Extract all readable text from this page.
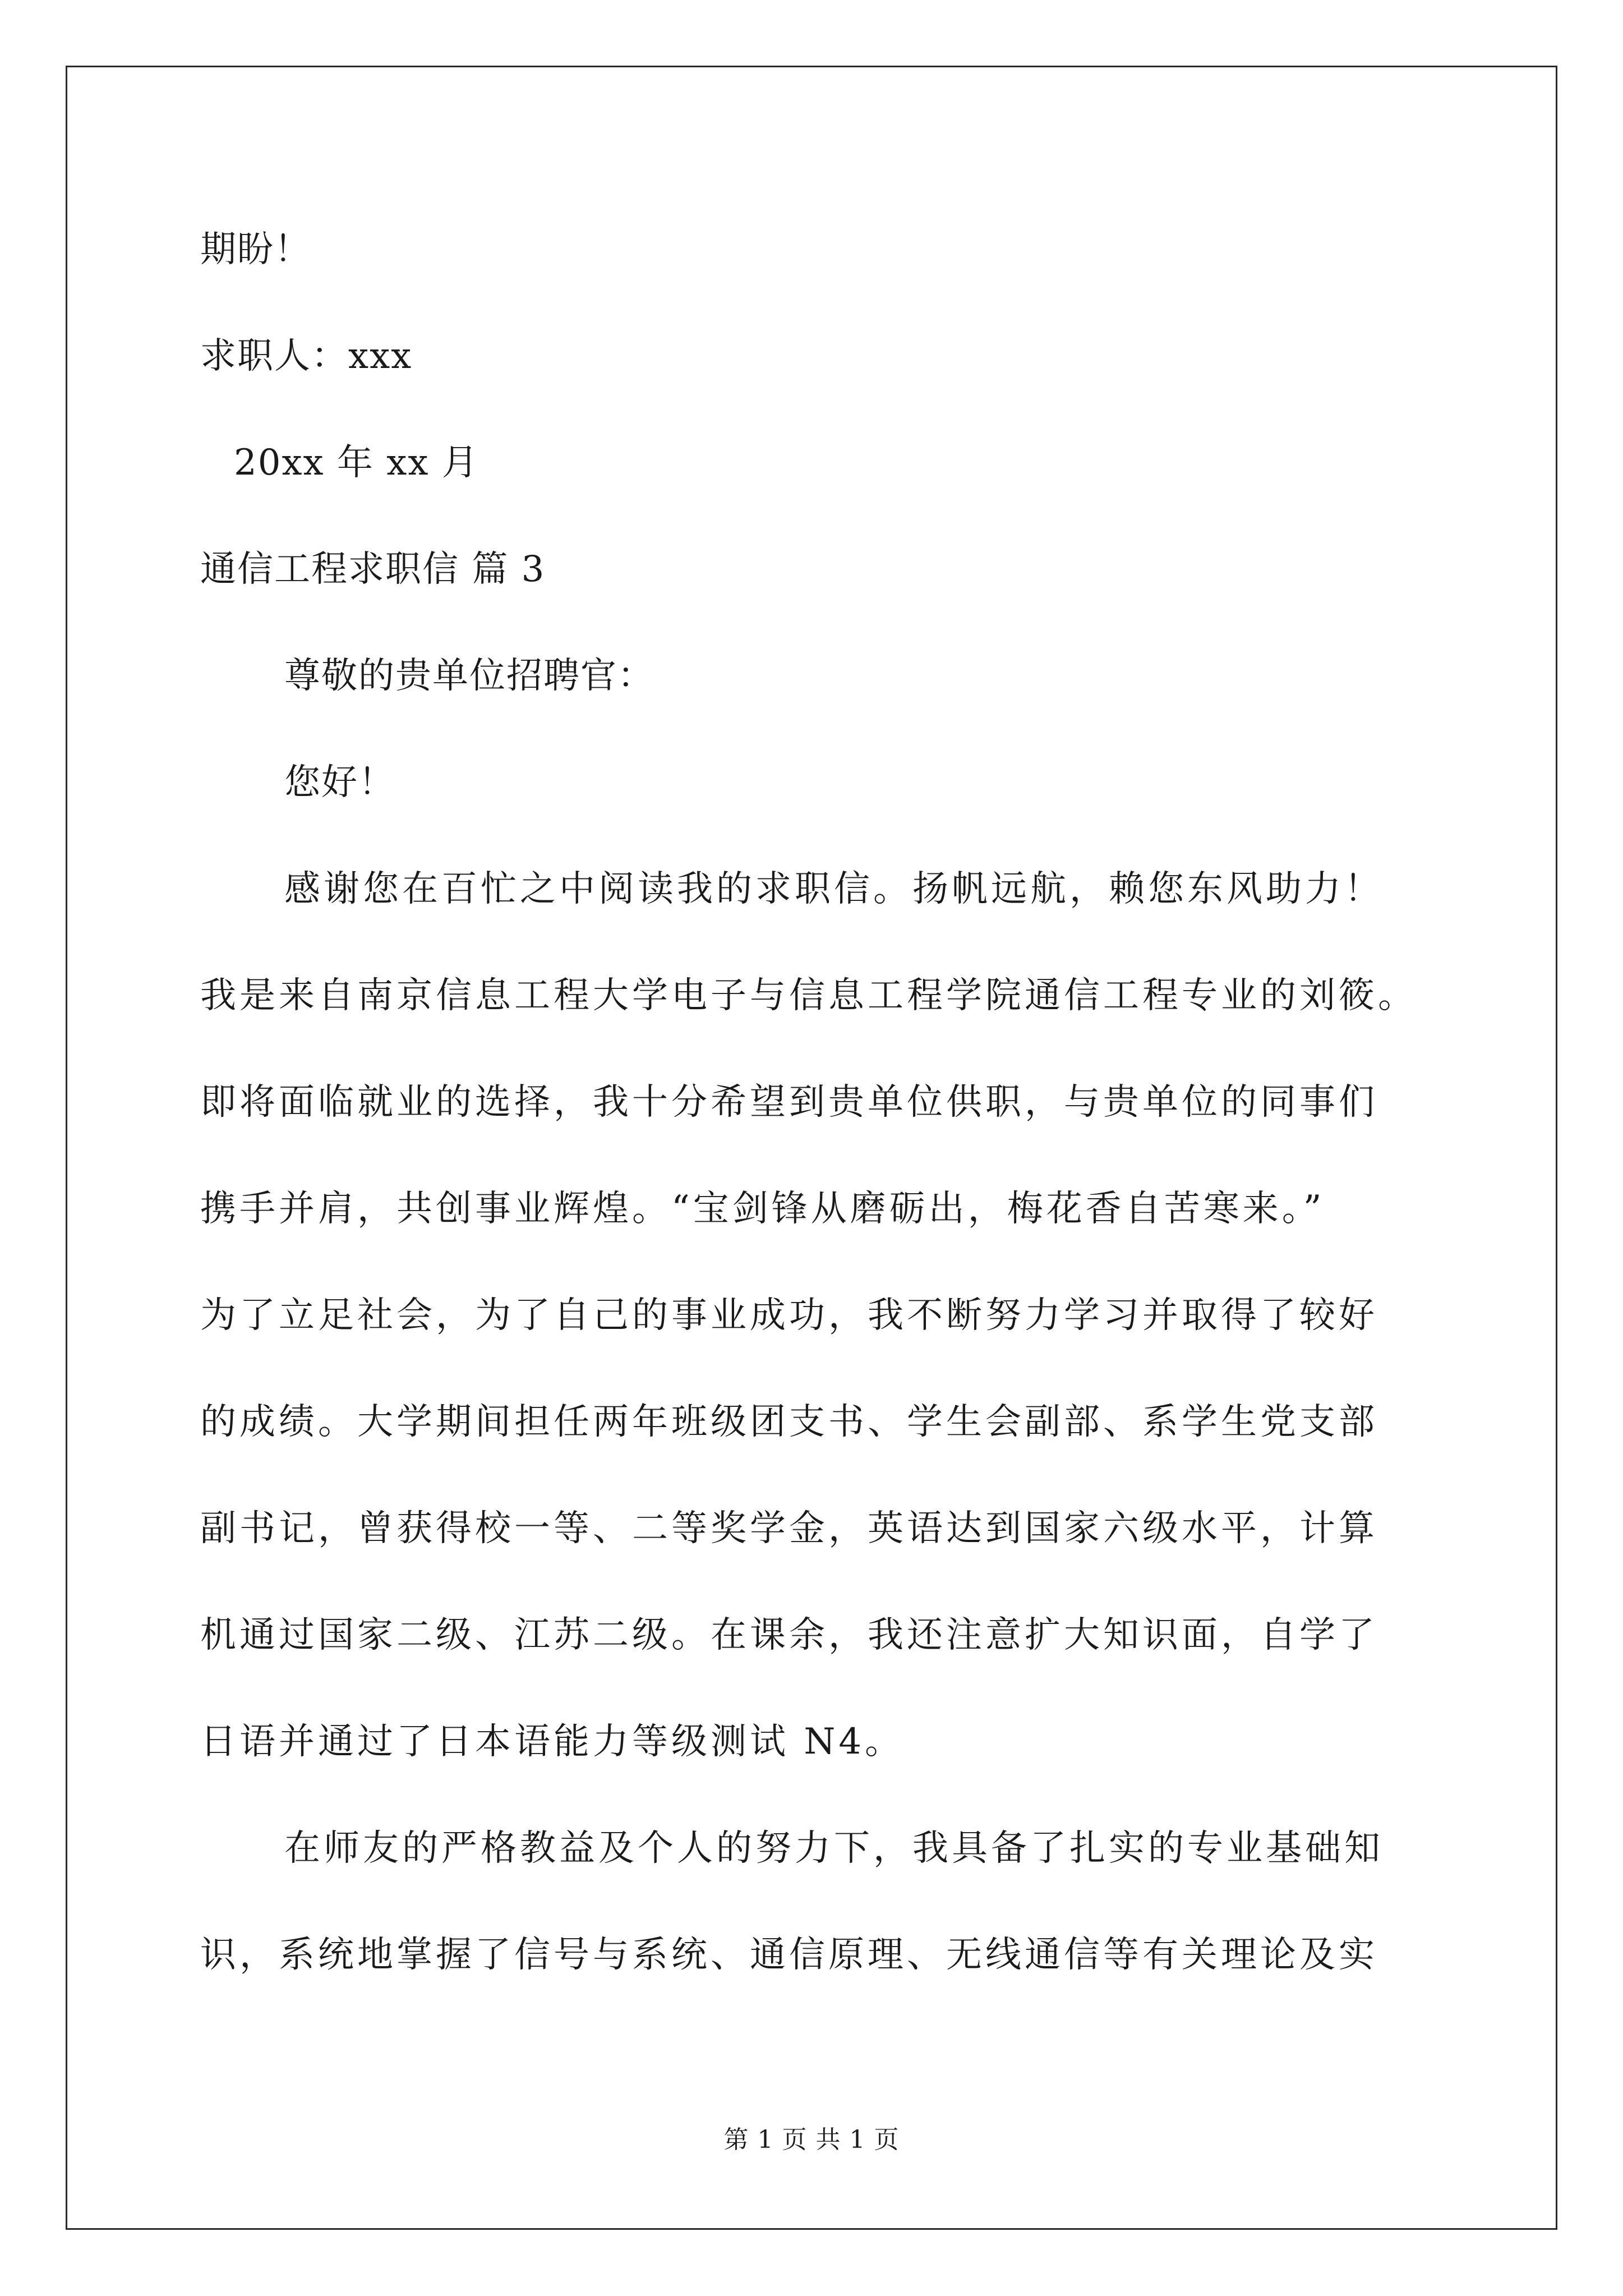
期盼！
求职人：xxx
20xx 年 xx 月
通信工程求职信 篇 3
尊敬的贵单位招聘官：
您好！
感谢您在百忙之中阅读我的求职信。扬帆远航，赖您东风助力！
我是来自南京信息工程大学电子与信息工程学院通信工程专业的刘筱。
即将面临就业的选择，我十分希望到贵单位供职，与贵单位的同事们
携手并肩，共创事业辉煌。“宝剑锋从磨砺出，梅花香自苦寒来。”
为了立足社会，为了自己的事业成功，我不断努力学习并取得了较好
的成绩。大学期间担任两年班级团支书、学生会副部、系学生党支部
副书记，曾获得校一等、二等奖学金，英语达到国家六级水平，计算
机通过国家二级、江苏二级。在课余，我还注意扩大知识面，自学了
日语并通过了日本语能力等级测试 N4。
在师友的严格教益及个人的努力下，我具备了扎实的专业基础知
识，系统地掌握了信号与系统、通信原理、无线通信等有关理论及实
第 1 页 共 1 页
